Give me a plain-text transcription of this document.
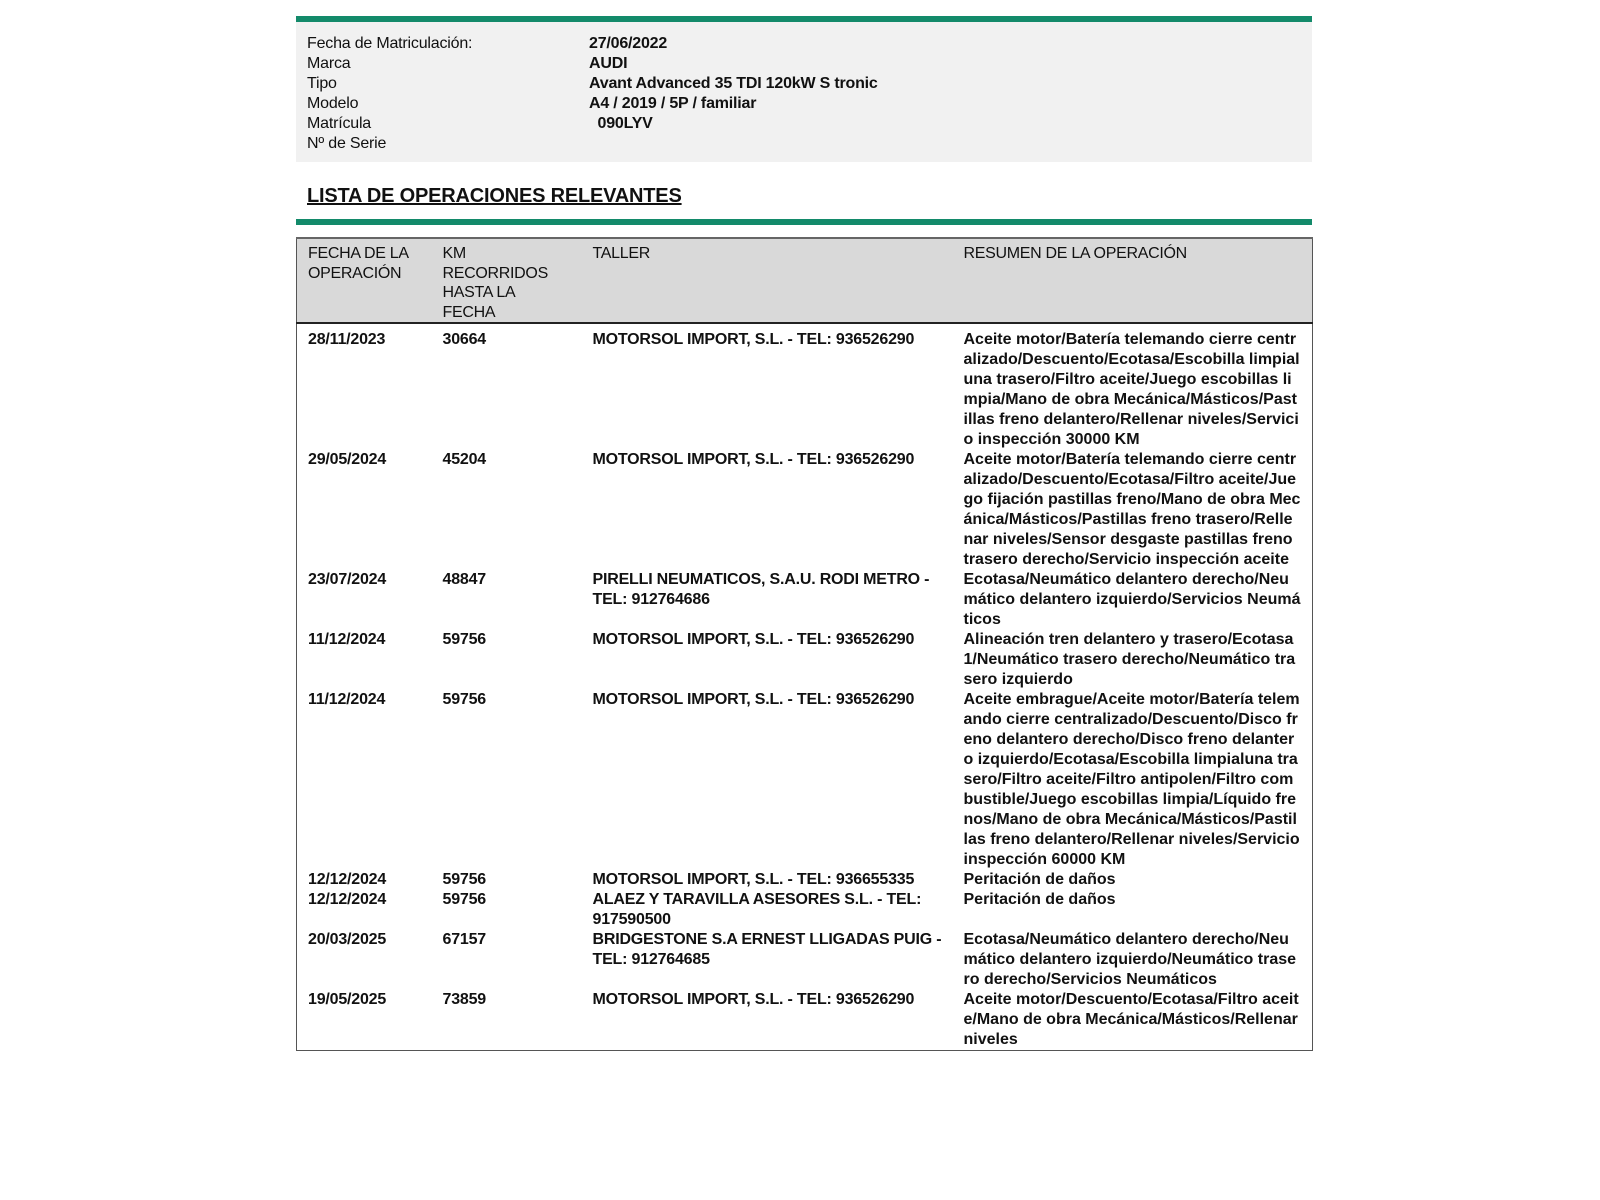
Fecha de Matriculación:	27/06/2022
Marca	AUDI
Tipo	Avant Advanced 35 TDI 120kW S tronic
Modelo	A4 / 2019 / 5P / familiar
Matrícula	090LYV
Nº de Serie
LISTA DE OPERACIONES RELEVANTES
FECHA DE LA OPERACIÓN	KM RECORRIDOS HASTA LA FECHA	TALLER	RESUMEN DE LA OPERACIÓN
28/11/2023	30664	MOTORSOL IMPORT, S.L. - TEL: 936526290	Aceite motor/Batería telemando cierre centralizado/Descuento/Ecotasa/Escobilla limpialuna trasero/Filtro aceite/Juego escobillas limpia/Mano de obra Mecánica/Másticos/Pastillas freno delantero/Rellenar niveles/Servicio inspección 30000 KM
29/05/2024	45204	MOTORSOL IMPORT, S.L. - TEL: 936526290	Aceite motor/Batería telemando cierre centralizado/Descuento/Ecotasa/Filtro aceite/Juego fijación pastillas freno/Mano de obra Mecánica/Másticos/Pastillas freno trasero/Rellenar niveles/Sensor desgaste pastillas freno trasero derecho/Servicio inspección aceite
23/07/2024	48847	PIRELLI NEUMATICOS, S.A.U. RODI METRO - TEL: 912764686	Ecotasa/Neumático delantero derecho/Neumático delantero izquierdo/Servicios Neumáticos
11/12/2024	59756	MOTORSOL IMPORT, S.L. - TEL: 936526290	Alineación tren delantero y trasero/Ecotasa 1/Neumático trasero derecho/Neumático trasero izquierdo
11/12/2024	59756	MOTORSOL IMPORT, S.L. - TEL: 936526290	Aceite embrague/Aceite motor/Batería telemando cierre centralizado/Descuento/Disco freno delantero derecho/Disco freno delantero izquierdo/Ecotasa/Escobilla limpialuna trasero/Filtro aceite/Filtro antipolen/Filtro combustible/Juego escobillas limpia/Líquido frenos/Mano de obra Mecánica/Másticos/Pastillas freno delantero/Rellenar niveles/Servicio inspección 60000 KM
12/12/2024	59756	MOTORSOL IMPORT, S.L. - TEL: 936655335	Peritación de daños
12/12/2024	59756	ALAEZ Y TARAVILLA ASESORES S.L. - TEL: 917590500	Peritación de daños
20/03/2025	67157	BRIDGESTONE S.A ERNEST LLIGADAS PUIG - TEL: 912764685	Ecotasa/Neumático delantero derecho/Neumático delantero izquierdo/Neumático trasero derecho/Servicios Neumáticos
19/05/2025	73859	MOTORSOL IMPORT, S.L. - TEL: 936526290	Aceite motor/Descuento/Ecotasa/Filtro aceite/Mano de obra Mecánica/Másticos/Rellenar niveles
